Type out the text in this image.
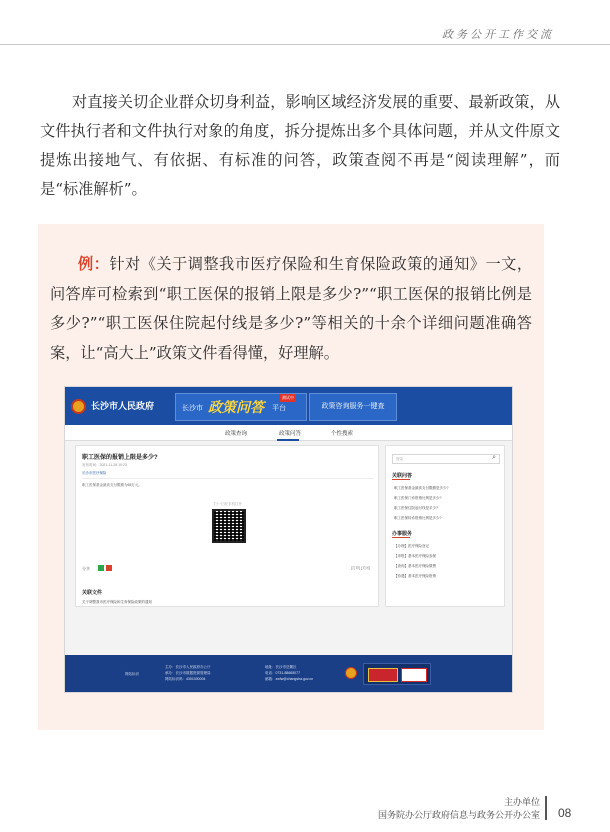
政务公开工作交流

对直接关切企业群众切身利益，影响区域经济发展的重要、最新政策，从文件执行者和文件执行对象的角度，拆分提炼出多个具体问题，并从文件原文提炼出接地气、有依据、有标准的问答，政策查阅不再是“阅读理解”，而是“标准解析”。

例：针对《关于调整我市医疗保险和生育保险政策的通知》一文，问答库可检索到“职工医保的报销上限是多少?”“职工医保的报销比例是多少?”“职工医保住院起付线是多少?”等相关的十余个详细问题准确答案，让“高大上”政策文件看得懂，好理解。

长沙市人民政府	长沙市 政策问答 平台
测试中
政策咨询服务一键查
政策查询	政策问答	个性搜索
职工医保的报销上限是多少?
发布时间：2021-11-26 10:23
长沙市医疗保险
职工医保基金最高支付限额为65万元。
扫一扫在手机打开
分享	[打印] [关闭]
关联文件
关于调整我市医疗保险和生育保险政策的通知
搜索	⌕
关联问答
职工医保基金最高支付限额是多少?
职工医保门诊报销比例是多少?
职工医保住院起付线是多少?
职工医保转诊报销比例是多少?
办事服务
【办理】医疗保险登记
【申报】基本医疗保险参保
【查询】基本医疗保险缴费
【待遇】基本医疗保险报销
网站标识
主办：长沙市人民政府办公厅
承办：长沙市数据资源管理局
网站标识码：4301000004
地址：长沙市岳麓区
电话：0731-88665077
邮箱：zwfw@changsha.gov.cn
主办单位
国务院办公厅政府信息与政务公开办公室 08
